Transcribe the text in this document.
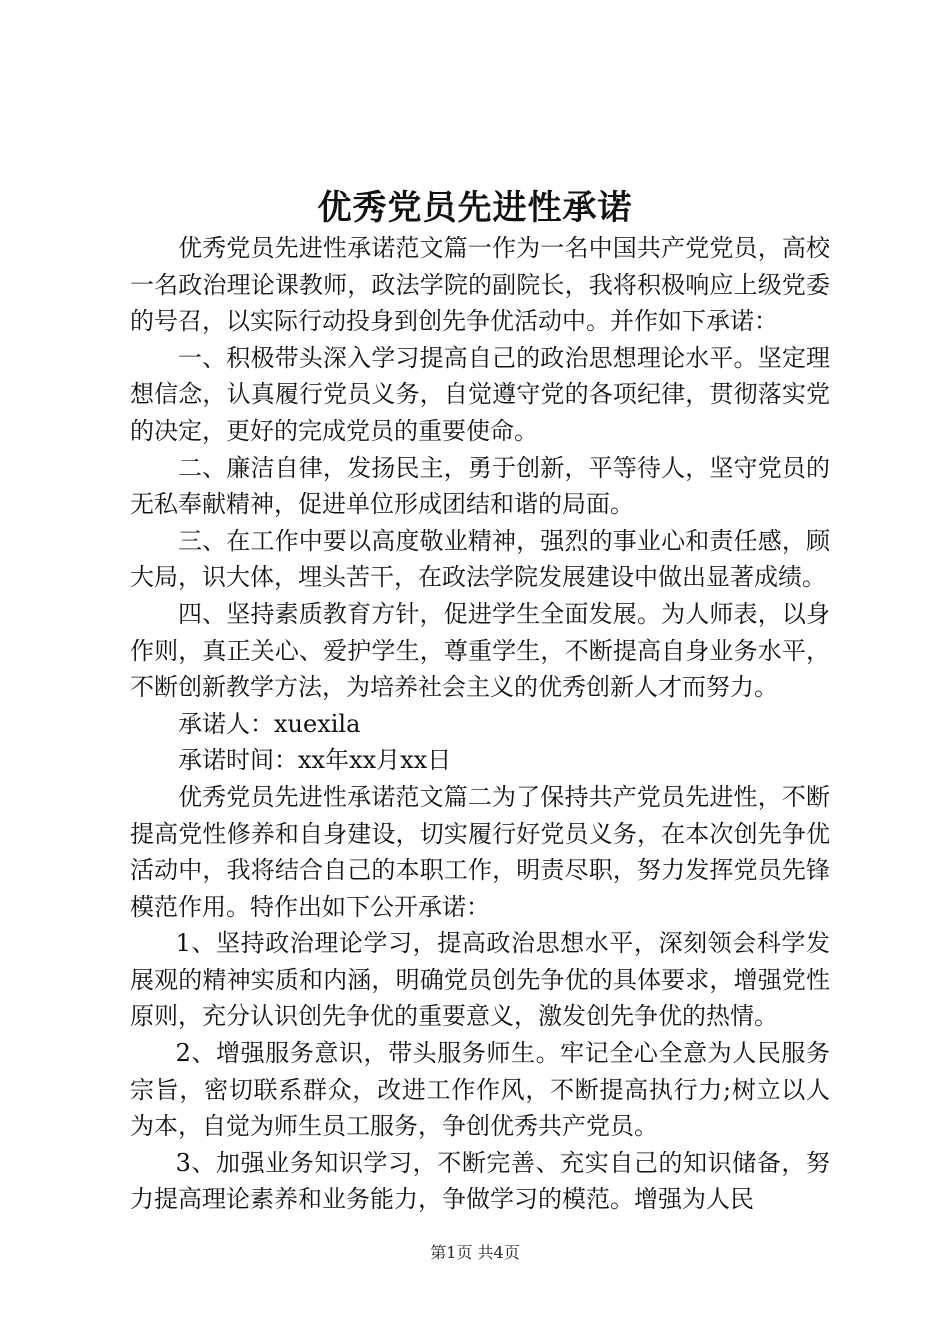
优秀党员先进性承诺

优秀党员先进性承诺范文篇一作为一名中国共产党党员，高校一名政治理论课教师，政法学院的副院长，我将积极响应上级党委的号召，以实际行动投身到创先争优活动中。并作如下承诺：

一、积极带头深入学习提高自己的政治思想理论水平。坚定理想信念，认真履行党员义务，自觉遵守党的各项纪律，贯彻落实党的决定，更好的完成党员的重要使命。

二、廉洁自律，发扬民主，勇于创新，平等待人，坚守党员的无私奉献精神，促进单位形成团结和谐的局面。

三、在工作中要以高度敬业精神，强烈的事业心和责任感，顾大局，识大体，埋头苦干，在政法学院发展建设中做出显著成绩。

四、坚持素质教育方针，促进学生全面发展。为人师表，以身作则，真正关心、爱护学生，尊重学生，不断提高自身业务水平，不断创新教学方法，为培养社会主义的优秀创新人才而努力。

承诺人：xuexila

承诺时间：xx年xx月xx日

优秀党员先进性承诺范文篇二为了保持共产党员先进性，不断提高党性修养和自身建设，切实履行好党员义务，在本次创先争优活动中，我将结合自己的本职工作，明责尽职，努力发挥党员先锋模范作用。特作出如下公开承诺：

1、坚持政治理论学习，提高政治思想水平，深刻领会科学发展观的精神实质和内涵，明确党员创先争优的具体要求，增强党性原则，充分认识创先争优的重要意义，激发创先争优的热情。

2、增强服务意识，带头服务师生。牢记全心全意为人民服务宗旨，密切联系群众，改进工作作风，不断提高执行力;树立以人为本，自觉为师生员工服务，争创优秀共产党员。

3、加强业务知识学习，不断完善、充实自己的知识储备，努力提高理论素养和业务能力，争做学习的模范。增强为人民

第1页 共4页
